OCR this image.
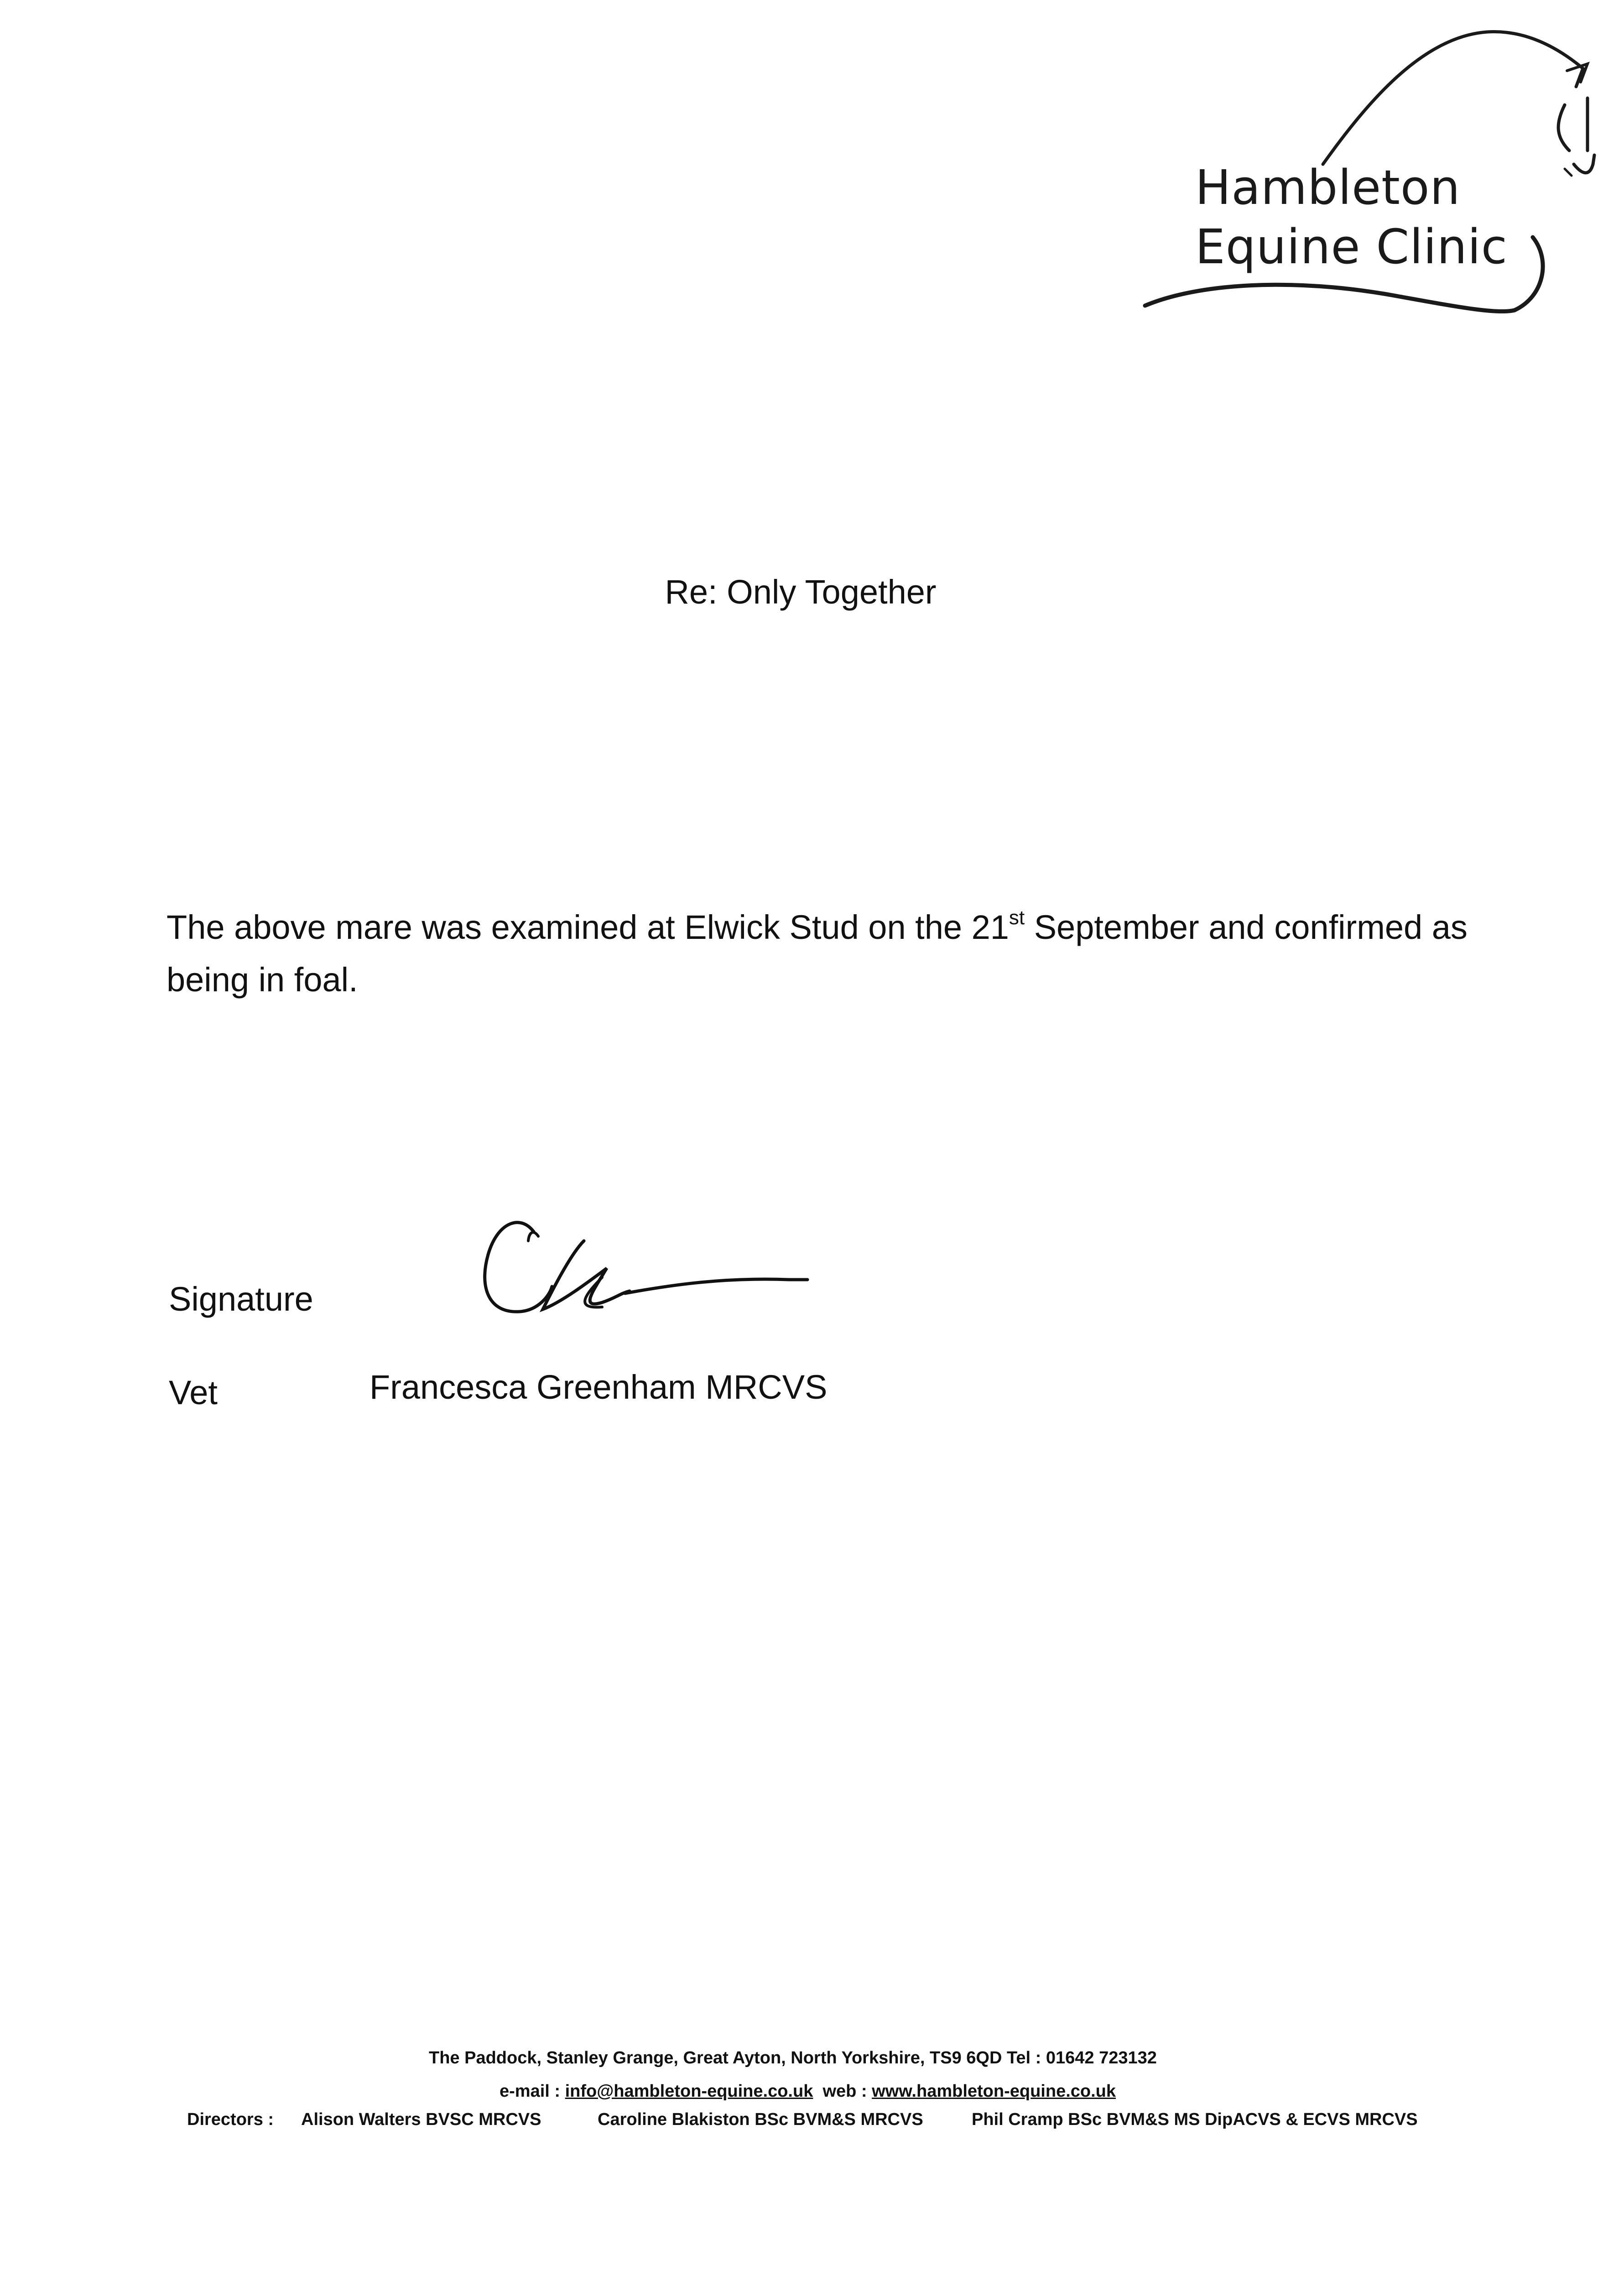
Hambleton
Equine Clinic
Re: Only Together
The above mare was examined at Elwick Stud on the 21st September and confirmed as being in foal.
Signature
Vet	Francesca Greenham MRCVS
The Paddock, Stanley Grange, Great Ayton, North Yorkshire, TS9 6QD Tel : 01642 723132
e-mail : info@hambleton-equine.co.uk web : www.hambleton-equine.co.uk
Directors : Alison Walters BVSC MRCVS	Caroline Blakiston BSc BVM&S MRCVS	Phil Cramp BSc BVM&S MS DipACVS & ECVS MRCVS
